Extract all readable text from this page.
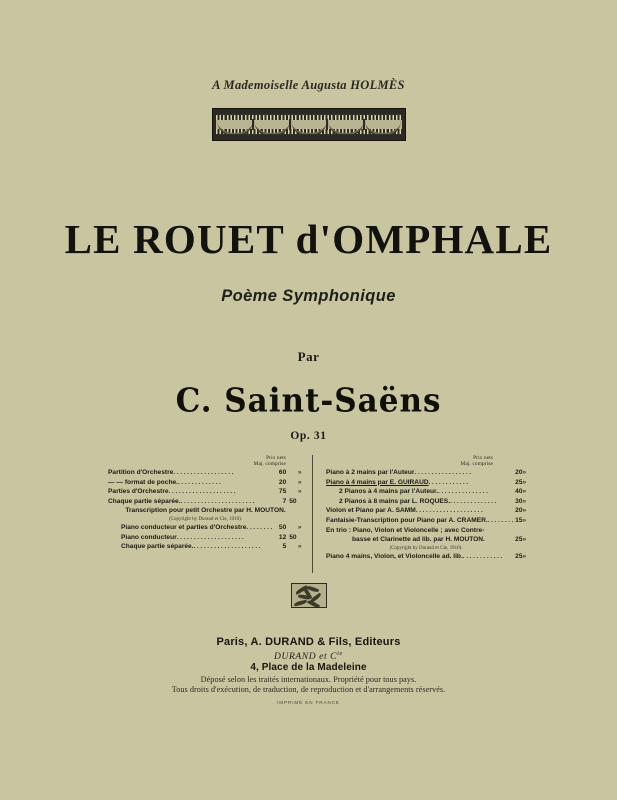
A Mademoiselle Augusta HOLMÈS
LE ROUET d'OMPHALE
Poème Symphonique
Par
C. Saint-Saëns
Op. 31
Prix nets
Maj. comprise
Partition d'Orchestre..................	60		»
— — format de poche..............	20		»
Parties d'Orchestre....................	75		»
Chaque partie séparée.......................	7	50	
Transcription pour petit Orchestre par H. MOUTON.			
(Copyright by Durand et Cie, 1910).			
Piano conducteur et parties d'Orchestre........	50		»
Piano conducteur....................	12	50	
Chaque partie séparée.....................	5		»
Prix nets
Maj. comprise
Piano à 2 mains par l'Auteur.................	20		»
Piano à 4 mains par E. GUIRAUD............	25		»
2 Pianos à 4 mains par l'Auteur................	40		»
2 Pianos à 8 mains par L. ROQUES...............	30		»
Violon et Piano par A. SAMM....................	20		»
Fantaisie-Transcription pour Piano par A. CRAMER.........	15		»
En trio : Piano, Violon et Violoncelle ; avec Contre-		
basse et Clarinette ad lib. par H. MOUTON.	25		»
(Copyright by Durand et Cie, 1910).		
Piano 4 mains, Violon, et Violoncelle ad. lib.............	25		»
Paris, A. DURAND & Fils, Editeurs
DURAND et $C^{ie}$
4, Place de la Madeleine
Déposé selon les traités internationaux. Propriété pour tous pays.
Tous droits d'exécution, de traduction, de reproduction et d'arrangements réservés.
IMPRIMÉ EN FRANCE
